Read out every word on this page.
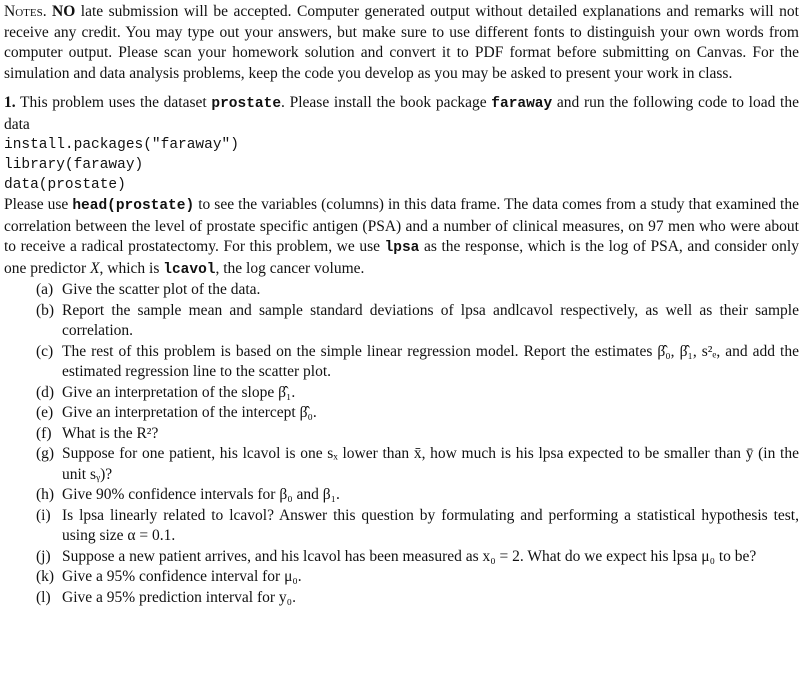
Notes. NO late submission will be accepted. Computer generated output without detailed explanations and remarks will not receive any credit. You may type out your answers, but make sure to use different fonts to distinguish your own words from computer output. Please scan your homework solution and convert it to PDF format before submitting on Canvas. For the simulation and data analysis problems, keep the code you develop as you may be asked to present your work in class.

1. This problem uses the dataset prostate. Please install the book package faraway and run the following code to load the data

install.packages("faraway")
library(faraway)
data(prostate)

Please use head(prostate) to see the variables (columns) in this data frame. The data comes from a study that examined the correlation between the level of prostate specific antigen (PSA) and a number of clinical measures, on 97 men who were about to receive a radical prostatectomy. For this problem, we use lpsa as the response, which is the log of PSA, and consider only one predictor X, which is lcavol, the log cancer volume.

(a) Give the scatter plot of the data.
(b) Report the sample mean and sample standard deviations of lpsa andlcavol respectively, as well as their sample correlation.
(c) The rest of this problem is based on the simple linear regression model. Report the estimates β̂₀, β̂₁, s²ₑ, and add the estimated regression line to the scatter plot.
(d) Give an interpretation of the slope β̂₁.
(e) Give an interpretation of the intercept β̂₀.
(f) What is the R²?
(g) Suppose for one patient, his lcavol is one sₓ lower than x̄, how much is his lpsa expected to be smaller than ȳ (in the unit sᵧ)?
(h) Give 90% confidence intervals for β₀ and β₁.
(i) Is lpsa linearly related to lcavol? Answer this question by formulating and performing a statistical hypothesis test, using size α = 0.1.
(j) Suppose a new patient arrives, and his lcavol has been measured as x₀ = 2. What do we expect his lpsa μ₀ to be?
(k) Give a 95% confidence interval for μ₀.
(l) Give a 95% prediction interval for y₀.
